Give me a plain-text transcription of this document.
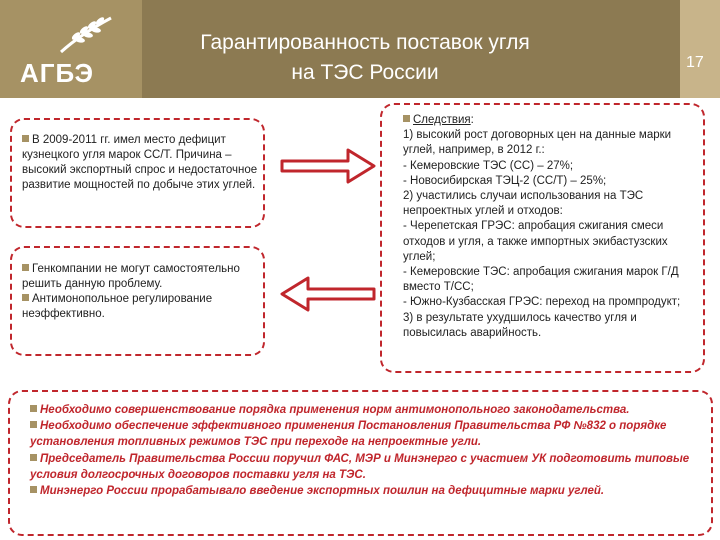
АГБЭ
Гарантированность поставок угля
на ТЭС России	17
В 2009-2011 гг. имел место дефицит кузнецкого угля марок СС/Т. Причина – высокий экспортный спрос и недостаточное развитие мощностей по добыче этих углей.
Генкомпании не могут самостоятельно решить данную проблему.
Антимонопольное регулирование неэффективно.
Следствия:
1) высокий рост договорных цен на данные марки углей, например, в 2012 г.:
- Кемеровские ТЭС (СС) – 27%;
- Новосибирская ТЭЦ-2 (СС/Т) – 25%;
2) участились случаи использования на ТЭС непроектных углей и отходов:
- Черепетская ГРЭС: апробация сжигания смеси отходов и угля, а также импортных экибастузских углей;
- Кемеровские ТЭС: апробация сжигания марок Г/Д вместо Т/СС;
- Южно-Кузбасская ГРЭС: переход на промпродукт;
3) в результате ухудшилось качество угля и повысилась аварийность.
Необходимо совершенствование порядка применения норм антимонопольного законодательства.
Необходимо обеспечение эффективного применения Постановления Правительства РФ №832 о порядке установления топливных режимов ТЭС при переходе на непроектные угли.
Председатель Правительства России поручил ФАС, МЭР и Минэнерго с участием УК подготовить типовые условия долгосрочных договоров поставки угля на ТЭС.
Минэнерго России прорабатывало введение экспортных пошлин на дефицитные марки углей.
